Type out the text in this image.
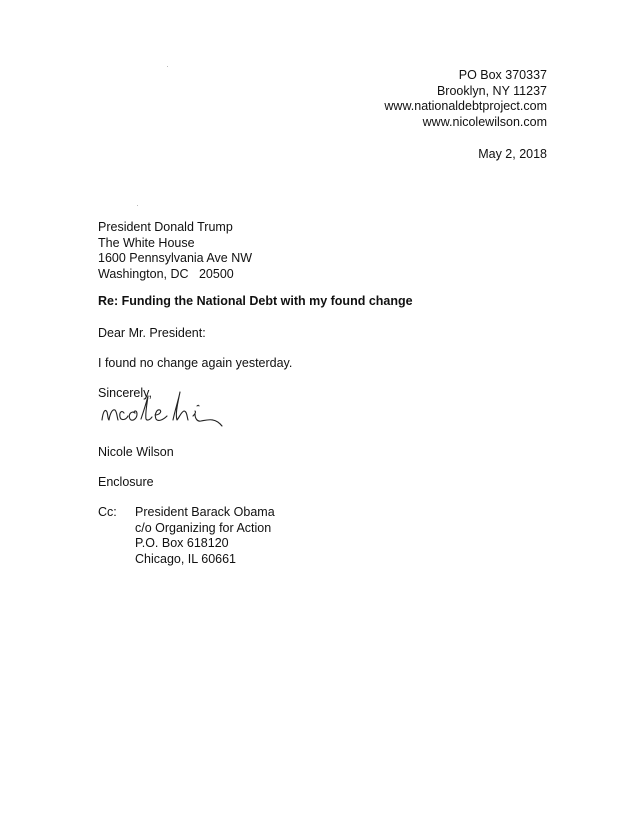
PO Box 370337
Brooklyn, NY 11237
www.nationaldebtproject.com
www.nicolewilson.com
May 2, 2018
President Donald Trump
The White House
1600 Pennsylvania Ave NW
Washington, DC   20500
Re: Funding the National Debt with my found change
Dear Mr. President:
I found no change again yesterday.
Sincerely,
Nicole Wilson
Enclosure
Cc: President Barack Obama
c/o Organizing for Action
P.O. Box 618120
Chicago, IL 60661
